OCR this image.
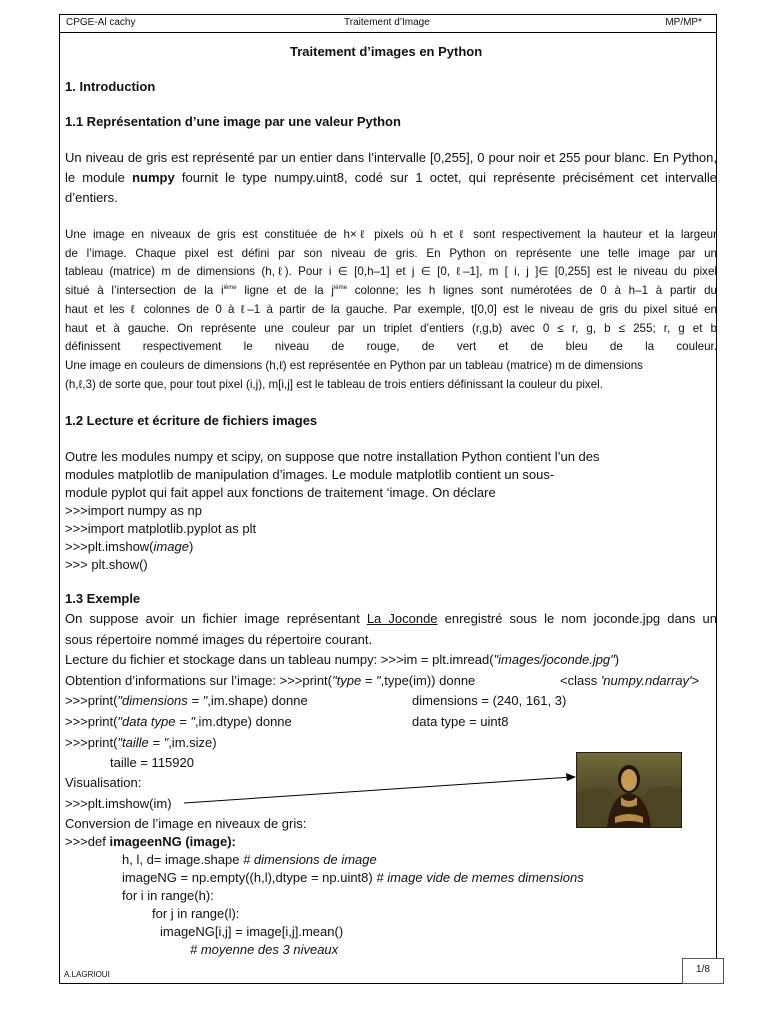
CPGE-Al cachy	Traitement d’Image	MP/MP*
Traitement d’images en Python
1. Introduction
1.1 Représentation d’une image par une valeur Python
Un niveau de gris est représenté par un entier dans l’intervalle [0,255], 0 pour noir et 255 pour blanc. En Python, le module numpy fournit le type numpy.uint8, codé sur 1 octet, qui représente précisément cet intervalle d’entiers.
Une image en niveaux de gris est constituée de h×ℓ pixels où h et ℓ sont respectivement la hauteur et la largeur
de l’image. Chaque pixel est défini par son niveau de gris. En Python on représente une telle image par un
tableau (matrice) m de dimensions (h,ℓ). Pour i ∈ [0,h–1] et j ∈ [0, ℓ–1], m [ i, j ]∈ [0,255] est le niveau du pixel
situé à l’intersection de la $i^{ième}$ ligne et de la $j^{ième}$ colonne; les h lignes sont numérotées de 0 à h–1 à partir du
haut et les ℓ colonnes de 0 à ℓ–1 à partir de la gauche. Par exemple, t[0,0] est le niveau de gris du pixel situé en
haut et à gauche. On représente une couleur par un triplet d’entiers (r,g,b) avec 0 ≤ r, g, b ≤ 255; r, g et b
définissent respectivement le niveau de rouge, de vert et de bleu de la couleur.
Une image en couleurs de dimensions (h,ℓ) est représentée en Python par un tableau (matrice) m de dimensions
(h,ℓ,3) de sorte que, pour tout pixel (i,j), m[i,j] est le tableau de trois entiers définissant la couleur du pixel.
1.2 Lecture et écriture de fichiers images
Outre les modules numpy et scipy, on suppose que notre installation Python contient l’un des
modules matplotlib de manipulation d’images. Le module matplotlib contient un sous-
module pyplot qui fait appel aux fonctions de traitement ‘image. On déclare
>>>import numpy as np
>>>import matplotlib.pyplot as plt
>>>plt.imshow(image)
>>> plt.show()
1.3 Exemple
On suppose avoir un fichier image représentant La Joconde enregistré sous le nom joconde.jpg dans un
sous répertoire nommé images du répertoire courant.
Lecture du fichier et stockage dans un tableau numpy: >>>im = plt.imread("images/joconde.jpg")
Obtention d’informations sur l’image: >>>print("type = ",type(im)) donne	<class 'numpy.ndarray'>
>>>print("dimensions = ",im.shape) donne	dimensions = (240, 161, 3)
>>>print("data type = ",im.dtype) donne	data type = uint8
>>>print("taille = ",im.size)
taille = 115920
Visualisation:
>>>plt.imshow(im)
Conversion de l’image en niveaux de gris:
>>>def imageenNG (image):
h, l, d= image.shape # dimensions de image
imageNG = np.empty((h,l),dtype = np.uint8) # image vide de memes dimensions
for i in range(h):
for j in range(l):
imageNG[i,j] = image[i,j].mean()
# moyenne des 3 niveaux
A.LAGRIOUI	1/8
